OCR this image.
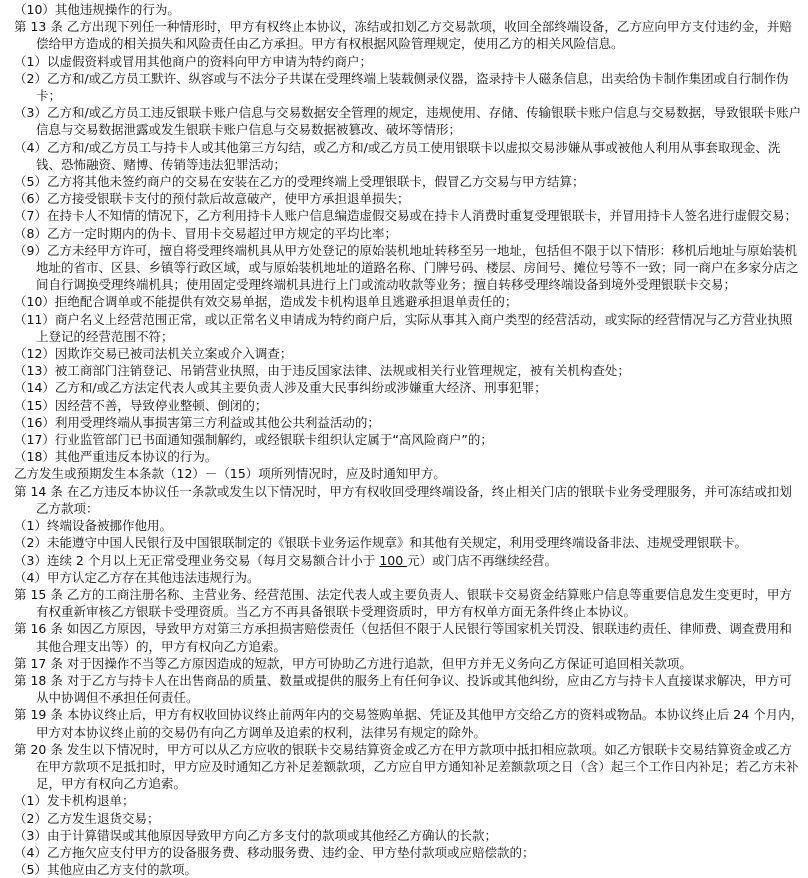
（10）其他违规操作的行为。
第 13 条 乙方出现下列任一种情形时，甲方有权终止本协议，冻结或扣划乙方交易款项，收回全部终端设备，乙方应向甲方支付违约金，并赔偿给甲方造成的相关损失和风险责任由乙方承担。甲方有权根据风险管理规定，使用乙方的相关风险信息。
（1）以虚假资料或冒用其他商户的资料向甲方申请为特约商户；
（2）乙方和/或乙方员工默许、纵容或与不法分子共谋在受理终端上装载侧录仪器，盗录持卡人磁条信息，出卖给伪卡制作集团或自行制作伪卡；
（3）乙方和/或乙方员工违反银联卡账户信息与交易数据安全管理的规定，违规使用、存储、传输银联卡账户信息与交易数据，导致银联卡账户信息与交易数据泄露或发生银联卡账户信息与交易数据被篡改、破坏等情形；
（4）乙方和/或乙方员工与持卡人或其他第三方勾结，或乙方和/或乙方员工使用银联卡以虚拟交易涉嫌从事或被他人利用从事套取现金、洗钱、恐怖融资、赌博、传销等违法犯罪活动；
（5）乙方将其他未签约商户的交易在安装在乙方的受理终端上受理银联卡，假冒乙方交易与甲方结算；
（6）乙方接受银联卡支付的预付款后故意破产，使甲方承担退单损失；
（7）在持卡人不知情的情况下，乙方利用持卡人账户信息编造虚假交易或在持卡人消费时重复受理银联卡，并冒用持卡人签名进行虚假交易；
（8）乙方一定时期内的伪卡、冒用卡交易超过甲方规定的平均比率；
（9）乙方未经甲方许可，擅自将受理终端机具从甲方处登记的原始装机地址转移至另一地址，包括但不限于以下情形：移机后地址与原始装机地址的省市、区县、乡镇等行政区域，或与原始装机地址的道路名称、门牌号码、楼层、房间号、摊位号等不一致；同一商户在多家分店之间自行调换受理终端机具；使用固定受理终端机具进行上门或流动收款等业务；擅自转移受理终端设备到境外受理银联卡交易；
（10）拒绝配合调单或不能提供有效交易单据，造成发卡机构退单且逃避承担退单责任的；
（11）商户名义上经营范围正常，或以正常名义申请成为特约商户后，实际从事其入商户类型的经营活动，或实际的经营情况与乙方营业执照上登记的经营范围不符；
（12）因欺诈交易已被司法机关立案或介入调查；
（13）被工商部门注销登记、吊销营业执照，由于违反国家法律、法规或相关行业管理规定，被有关机构查处；
（14）乙方和/或乙方法定代表人或其主要负责人涉及重大民事纠纷或涉嫌重大经济、刑事犯罪；
（15）因经营不善，导致停业整顿、倒闭的；
（16）利用受理终端从事损害第三方利益或其他公共利益活动的；
（17）行业监管部门已书面通知强制解约，或经银联卡组织认定属于“高风险商户”的；
（18）其他严重违反本协议的行为。
乙方发生或预期发生本条款（12）－（15）项所列情况时，应及时通知甲方。
第 14 条 在乙方违反本协议任一条款或发生以下情况时，甲方有权收回受理终端设备，终止相关门店的银联卡业务受理服务，并可冻结或扣划乙方款项：
（1）终端设备被挪作他用。
（2）未能遵守中国人民银行及中国银联制定的《银联卡业务运作规章》和其他有关规定，利用受理终端设备非法、违规受理银联卡。
（3）连续 2 个月以上无正常受理业务交易（每月交易额合计小于 100 元）或门店不再继续经营。
（4）甲方认定乙方存在其他违法违规行为。
第 15 条 乙方的工商注册名称、主营业务、经营范围、法定代表人或主要负责人、银联卡交易资金结算账户信息等重要信息发生变更时，甲方有权重新审核乙方银联卡受理资质。当乙方不再具备银联卡受理资质时，甲方有权单方面无条件终止本协议。
第 16 条 如因乙方原因，导致甲方对第三方承担损害赔偿责任（包括但不限于人民银行等国家机关罚没、银联违约责任、律师费、调查费用和其他合理支出等）的，甲方有权向乙方追索。
第 17 条 对于因操作不当等乙方原因造成的短款，甲方可协助乙方进行追款，但甲方并无义务向乙方保证可追回相关款项。
第 18 条 对于乙方与持卡人在出售商品的质量、数量或提供的服务上有任何争议、投诉或其他纠纷，应由乙方与持卡人直接谋求解决，甲方可从中协调但不承担任何责任。
第 19 条 本协议终止后，甲方有权收回协议终止前两年内的交易签购单据、凭证及其他甲方交给乙方的资料或物品。本协议终止后 24 个月内，甲方对本协议终止前的交易仍有向乙方调单及追索的权利，法律另有规定的除外。
第 20 条 发生以下情况时，甲方可以从乙方应收的银联卡交易结算资金或乙方在甲方款项中抵扣相应款项。如乙方银联卡交易结算资金或乙方在甲方款项不足抵扣时，甲方应及时通知乙方补足差额款项，乙方应自甲方通知补足差额款项之日（含）起三个工作日内补足；若乙方未补足，甲方有权向乙方追索。
（1）发卡机构退单；
（2）乙方发生退货交易；
（3）由于计算错误或其他原因导致甲方向乙方多支付的款项或其他经乙方确认的长款；
（4）乙方拖欠应支付甲方的设备服务费、移动服务费、违约金、甲方垫付款项或应赔偿款的；
（5）其他应由乙方支付的款项。
